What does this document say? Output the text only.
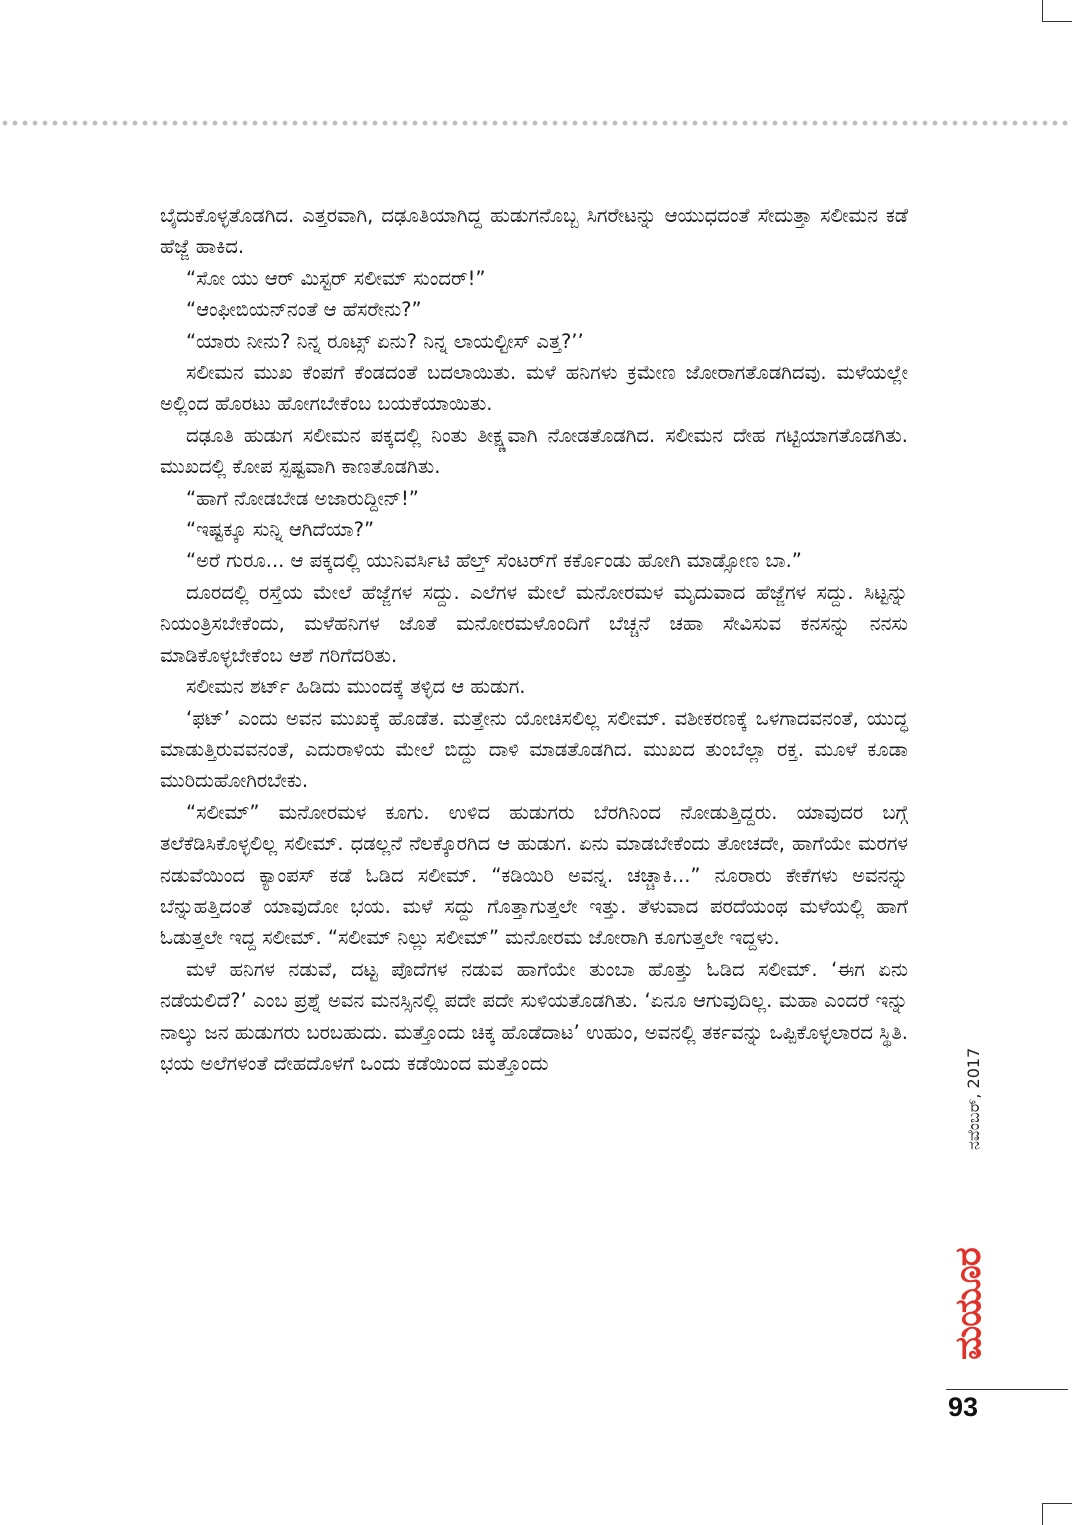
ಬೈದುಕೊಳ್ಳತೊಡಗಿದ. ಎತ್ತರವಾಗಿ, ದಢೂತಿಯಾಗಿದ್ದ ಹುಡುಗನೊಬ್ಬ ಸಿಗರೇಟನ್ನು ಆಯುಧದಂತೆ ಸೇದುತ್ತಾ ಸಲೀಮನ ಕಡೆ ಹೆಜ್ಜೆ ಹಾಕಿದ.

“ಸೋ ಯು ಆರ್ ಮಿಸ್ಟರ್ ಸಲೀಮ್ ಸುಂದರ್!”

“ಆಂಫೀಬಿಯನ್‌ನಂತೆ ಆ ಹೆಸರೇನು?”

“ಯಾರು ನೀನು? ನಿನ್ನ ರೂಟ್ಸ್ ಏನು? ನಿನ್ನ ಲಾಯಲ್ಟೀಸ್ ಎತ್ತ?’’

ಸಲೀಮನ ಮುಖ ಕೆಂಪಗೆ ಕೆಂಡದಂತೆ ಬದಲಾಯಿತು. ಮಳೆ ಹನಿಗಳು ಕ್ರಮೇಣ ಜೋರಾಗತೊಡಗಿದವು. ಮಳೆಯಲ್ಲೇ ಅಲ್ಲಿಂದ ಹೊರಟು ಹೋಗಬೇಕೆಂಬ ಬಯಕೆಯಾಯಿತು.

ದಢೂತಿ ಹುಡುಗ ಸಲೀಮನ ಪಕ್ಕದಲ್ಲಿ ನಿಂತು ತೀಕ್ಷ್ಣವಾಗಿ ನೋಡತೊಡಗಿದ. ಸಲೀಮನ ದೇಹ ಗಟ್ಟಿಯಾಗತೊಡಗಿತು. ಮುಖದಲ್ಲಿ ಕೋಪ ಸ್ಪಷ್ಟವಾಗಿ ಕಾಣತೊಡಗಿತು.

“ಹಾಗೆ ನೋಡಬೇಡ ಅಜಾರುದ್ದೀನ್!”

“ಇಷ್ಟಕ್ಕೂ ಸುನ್ನಿ ಆಗಿದೆಯಾ?”

“ಅರೆ ಗುರೂ... ಆ ಪಕ್ಕದಲ್ಲಿ ಯುನಿವರ್ಸಿಟಿ ಹೆಲ್ತ್ ಸೆಂಟರ್‌ಗೆ ಕರ್ಕೊಂಡು ಹೋಗಿ ಮಾಡ್ಸೋಣ ಬಾ.”

ದೂರದಲ್ಲಿ ರಸ್ತೆಯ ಮೇಲೆ ಹೆಜ್ಜೆಗಳ ಸದ್ದು. ಎಲೆಗಳ ಮೇಲೆ ಮನೋರಮಳ ಮೃದುವಾದ ಹೆಜ್ಜೆಗಳ ಸದ್ದು. ಸಿಟ್ಟನ್ನು ನಿಯಂತ್ರಿಸಬೇಕೆಂದು, ಮಳೆಹನಿಗಳ ಜೊತೆ ಮನೋರಮಳೊಂದಿಗೆ ಬೆಚ್ಚನೆ ಚಹಾ ಸೇವಿಸುವ ಕನಸನ್ನು ನನಸು ಮಾಡಿಕೊಳ್ಳಬೇಕೆಂಬ ಆಶೆ ಗರಿಗೆದರಿತು.

ಸಲೀಮನ ಶರ್ಟ್ ಹಿಡಿದು ಮುಂದಕ್ಕೆ ತಳ್ಳಿದ ಆ ಹುಡುಗ.

‘ಫಟ್’ ಎಂದು ಅವನ ಮುಖಕ್ಕೆ ಹೊಡೆತ. ಮತ್ತೇನು ಯೋಚಿಸಲಿಲ್ಲ ಸಲೀಮ್. ವಶೀಕರಣಕ್ಕೆ ಒಳಗಾದವನಂತೆ, ಯುದ್ಧ ಮಾಡುತ್ತಿರುವವನಂತೆ, ಎದುರಾಳಿಯ ಮೇಲೆ ಬಿದ್ದು ದಾಳಿ ಮಾಡತೊಡಗಿದ. ಮುಖದ ತುಂಬೆಲ್ಲಾ ರಕ್ತ. ಮೂಳೆ ಕೂಡಾ ಮುರಿದುಹೋಗಿರಬೇಕು.

“ಸಲೀಮ್” ಮನೋರಮಳ ಕೂಗು. ಉಳಿದ ಹುಡುಗರು ಬೆರಗಿನಿಂದ ನೋಡುತ್ತಿದ್ದರು. ಯಾವುದರ ಬಗ್ಗೆ ತಲೆಕೆಡಿಸಿಕೊಳ್ಳಲಿಲ್ಲ ಸಲೀಮ್. ಧಡಲ್ಲನೆ ನೆಲಕ್ಕೊರಗಿದ ಆ ಹುಡುಗ. ಏನು ಮಾಡಬೇಕೆಂದು ತೋಚದೇ, ಹಾಗೆಯೇ ಮರಗಳ ನಡುವೆಯಿಂದ ಕ್ಯಾಂಪಸ್ ಕಡೆ ಓಡಿದ ಸಲೀಮ್. “ಕಡಿಯಿರಿ ಅವನ್ನ. ಚಚ್ಚಾಕಿ...” ನೂರಾರು ಕೇಕೆಗಳು ಅವನನ್ನು ಬೆನ್ನುಹತ್ತಿದಂತೆ ಯಾವುದೋ ಭಯ. ಮಳೆ ಸದ್ದು ಗೊತ್ತಾಗುತ್ತಲೇ ಇತ್ತು. ತೆಳುವಾದ ಪರದೆಯಂಥ ಮಳೆಯಲ್ಲಿ ಹಾಗೆ ಓಡುತ್ತಲೇ ಇದ್ದ ಸಲೀಮ್. “ಸಲೀಮ್ ನಿಲ್ಲು ಸಲೀಮ್” ಮನೋರಮ ಜೋರಾಗಿ ಕೂಗುತ್ತಲೇ ಇದ್ದಳು.

ಮಳೆ ಹನಿಗಳ ನಡುವೆ, ದಟ್ಟ ಪೊದೆಗಳ ನಡುವ ಹಾಗೆಯೇ ತುಂಬಾ ಹೊತ್ತು ಓಡಿದ ಸಲೀಮ್. ‘ಈಗ ಏನು ನಡೆಯಲಿದೆ?’ ಎಂಬ ಪ್ರಶ್ನೆ ಅವನ ಮನಸ್ಸಿನಲ್ಲಿ ಪದೇ ಪದೇ ಸುಳಿಯತೊಡಗಿತು. ‘ಏನೂ ಆಗುವುದಿಲ್ಲ. ಮಹಾ ಎಂದರೆ ಇನ್ನು ನಾಲ್ಕು ಜನ ಹುಡುಗರು ಬರಬಹುದು. ಮತ್ತೊಂದು ಚಿಕ್ಕ ಹೊಡೆದಾಟ’ ಉಹುಂ, ಅವನಲ್ಲಿ ತರ್ಕವನ್ನು ಒಪ್ಪಿಕೊಳ್ಳಲಾರದ ಸ್ಥಿತಿ. ಭಯ ಅಲೆಗಳಂತೆ ದೇಹದೊಳಗೆ ಒಂದು ಕಡೆಯಿಂದ ಮತ್ತೊಂದು

ಮಯೂರ
ನವೆಂಬರ್, 2017
93
